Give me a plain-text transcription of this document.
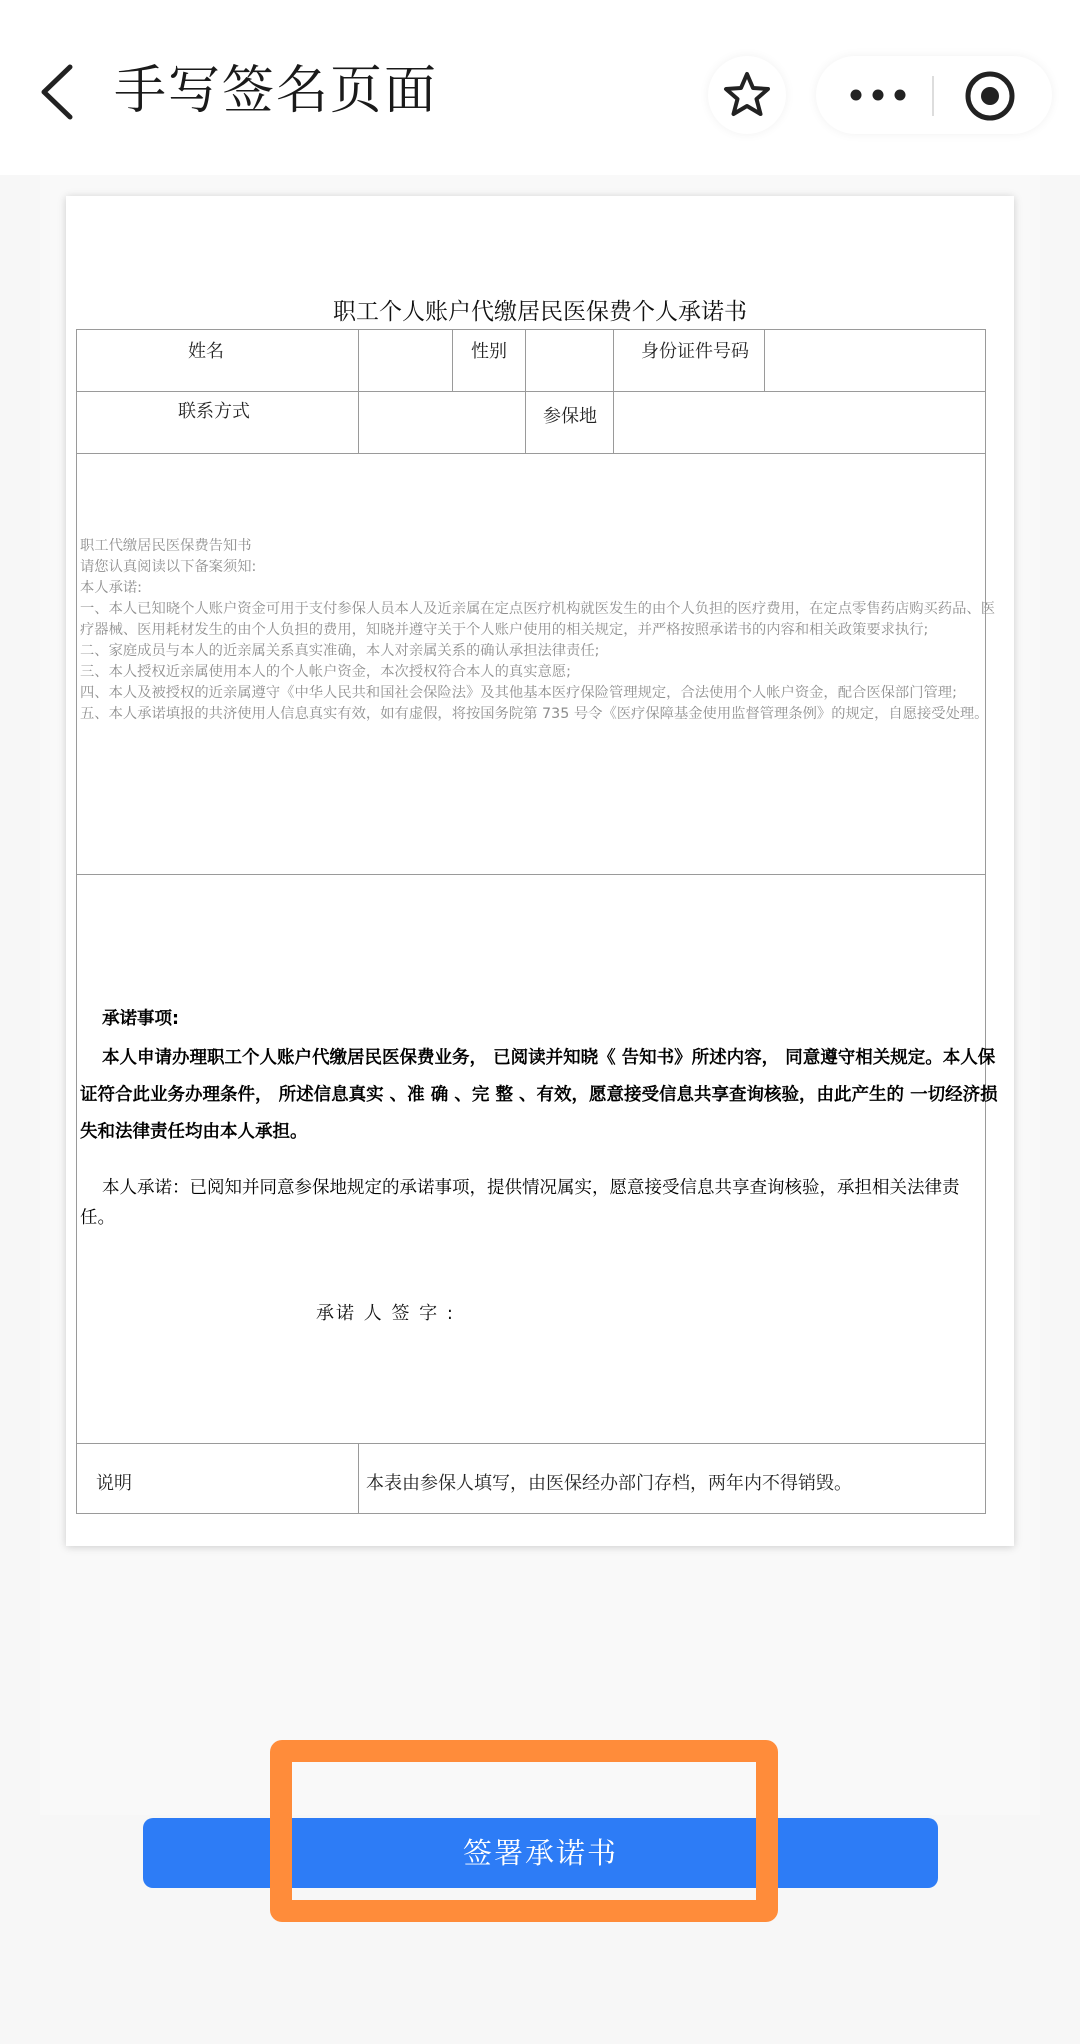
手写签名页面
职工个人账户代缴居民医保费个人承诺书
姓名	性别	身份证件号码
联系方式	参保地

职工代缴居民医保费告知书

请您认真阅读以下备案须知:

本人承诺:

一、本人已知晓个人账户资金可用于支付参保人员本人及近亲属在定点医疗机构就医发生的由个人负担的医疗费用，在定点零售药店购买药品、医疗器械、医用耗材发生的由个人负担的费用，知晓并遵守关于个人账户使用的相关规定，并严格按照承诺书的内容和相关政策要求执行;

二、家庭成员与本人的近亲属关系真实准确，本人对亲属关系的确认承担法律责任;

三、本人授权近亲属使用本人的个人帐户资金，本次授权符合本人的真实意愿;

四、本人及被授权的近亲属遵守《中华人民共和国社会保险法》及其他基本医疗保险管理规定，合法使用个人帐户资金，配合医保部门管理;

五、本人承诺填报的共济使用人信息真实有效，如有虚假，将按国务院第 735 号令《医疗保障基金使用监督管理条例》的规定，自愿接受处理。

承诺事项:

本人申请办理职工个人账户代缴居民医保费业务， 已阅读并知晓《 告知书》所述内容， 同意遵守相关规定。本人保证符合此业务办理条件， 所述信息真实 、准 确 、完 整 、有效，愿意接受信息共享查询核验，由此产生的 一切经济损失和法律责任均由本人承担。

本人承诺：已阅知并同意参保地规定的承诺事项，提供情况属实，愿意接受信息共享查询核验，承担相关法律责 任。

承诺 人 签 字 :
说明	本表由参保人填写，由医保经办部门存档，两年内不得销毁。
签署承诺书
